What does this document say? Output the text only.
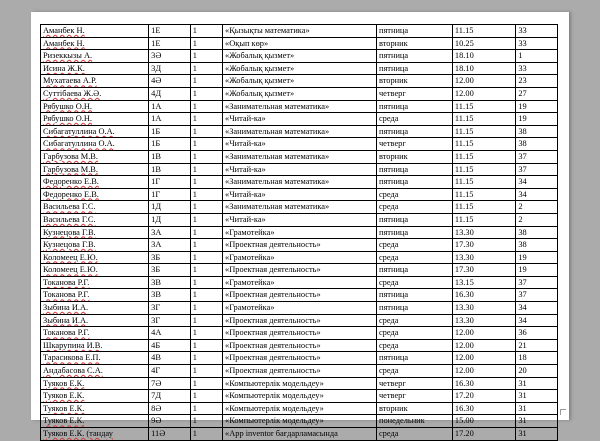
Аманбек Н.	1Е	1	«Қызықты математика»	пятница	11.15	33
Аманбек Н.	1Е	1	«Оқып көр»	вторник	10.25	33
Ризеккызы А.	3Ә	1	«Жобалық қызмет»	пятница	18.10	1
Исина Ж.К.	3Д	1	«Жобалық қызмет»	пятница	18.10	33
Мухатаева А.Р.	4Ә	1	«Жобалық қызмет»	вторник	12.00	23
Суттібаева Ж.Ә.	4Д	1	«Жобалық қызмет»	четверг	12.00	27
Рябушко О.Н.	1А	1	«Занимательная математика»	пятница	11.15	19
Рябушко О.Н.	1А	1	«Читай-ка»	среда	11.15	19
Сибагатуллина О.А.	1Б	1	«Занимательная математика»	пятница	11.15	38
Сибагатуллина О.А.	1Б	1	«Читай-ка»	четверг	11.15	38
Гарбузова М.В.	1В	1	«Занимательная математика»	вторник	11.15	37
Гарбузова М.В.	1В	1	«Читай-ка»	пятница	11.15	37
Федоренко Е.В.	1Г	1	«Занимательная математика»	пятница	11.15	34
Федоренко Е.В.	1Г	1	«Читай-ка»	среда	11.15	34
Васильева Г.С.	1Д	1	«Занимательная математика»	среда	11.15	2
Васильева Г.С.	1Д	1	«Читай-ка»	пятница	11.15	2
Кузнецова Г.В.	3А	1	«Грамотейка»	пятница	13.30	38
Кузнецова Г.В.	3А	1	«Проектная деятельность»	среда	17.30	38
Коломеец Е.Ю.	3Б	1	«Грамотейка»	среда	13.30	19
Коломеец Е.Ю.	3Б	1	«Проектная деятельность»	пятница	17.30	19
Токанова Р.Г.	3В	1	«Грамотейка»	среда	13.15	37
Токанова Р.Г.	3В	1	«Проектная деятельность»	пятница	16.30	37
Зыбина И.А.	3Г	1	«Грамотейка»	пятница	13.30	34
Зыбина И.А.	3Г	1	«Проектная деятельность»	среда	13.30	34
Токанова Р.Г.	4А	1	«Проектная деятельность»	среда	12.00	36
Шкарупина И.В.	4Б	1	«Проектная деятельность»	среда	12.00	21
Тарасикова Е.П.	4В	1	«Проектная деятельность»	пятница	12.00	18
Андабасова С.А.	4Г	1	«Проектная деятельность»	среда	12.00	20
Туяков Е.К.	7Ә	1	«Компьютерлік модельдеу»	четверг	16.30	31
Туяков Е.К.	7Д	1	«Компьютерлік модельдеу»	четверг	17.20	31
Туяков Е.К.	8Ә	1	«Компьютерлік модельдеу»	вторник	16.30	31
Туяков Е.К.	9Ә	1	«Компьютерлік модельдеу»	понедельник	15.00	31
Туяков Е.К. (тандау	11Ә	1	«App inventor бағдарламасында	среда	17.20	31
